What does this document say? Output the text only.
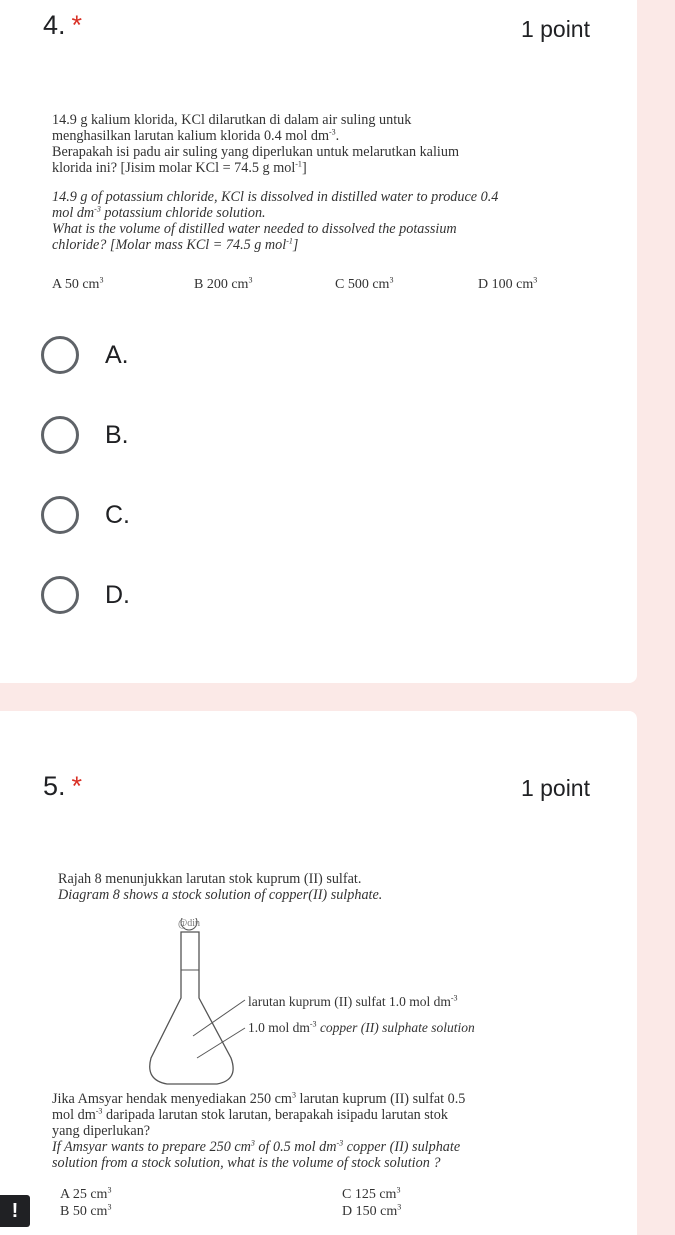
4. *	1 point

14.9 g kalium klorida, KCl dilarutkan di dalam air suling untuk

menghasilkan larutan kalium klorida 0.4 mol $dm^{-3}$.

Berapakah isi padu air suling yang diperlukan untuk melarutkan kalium

klorida ini? [Jisim molar KCl = 74.5 g mol$^{-1}$]

14.9 g of potassium chloride, KCl is dissolved in distilled water to produce 0.4

mol $dm^{-3}$ potassium chloride solution.

What is the volume of distilled water needed to dissolved the potassium

chloride? [Molar mass KCl = 74.5 g mol$^{-1}$]

A 50 $cm^3$	B 200 $cm^3$	C 500 $cm^3$	D 100 $cm^3$
A.
B.
C.
D.
5. *	1 point

Rajah 8 menunjukkan larutan stok kuprum (II) sulfat.

Diagram 8 shows a stock solution of copper(II) sulphate.

@din
larutan kuprum (II) sulfat 1.0 mol $dm^{-3}$
1.0 mol $dm^{-3}$ copper (II) sulphate solution

Jika Amsyar hendak menyediakan 250 $cm^3$ larutan kuprum (II) sulfat 0.5

mol $dm^{-3}$ daripada larutan stok larutan, berapakah isipadu larutan stok

yang diperlukan?

If Amsyar wants to prepare 250 $cm^3$ of 0.5 mol $dm^{-3}$ copper (II) sulphate

solution from a stock solution, what is the volume of stock solution ?

A 25 $cm^3$	C 125 $cm^3$
B 50 $cm^3$	D 150 $cm^3$
!
